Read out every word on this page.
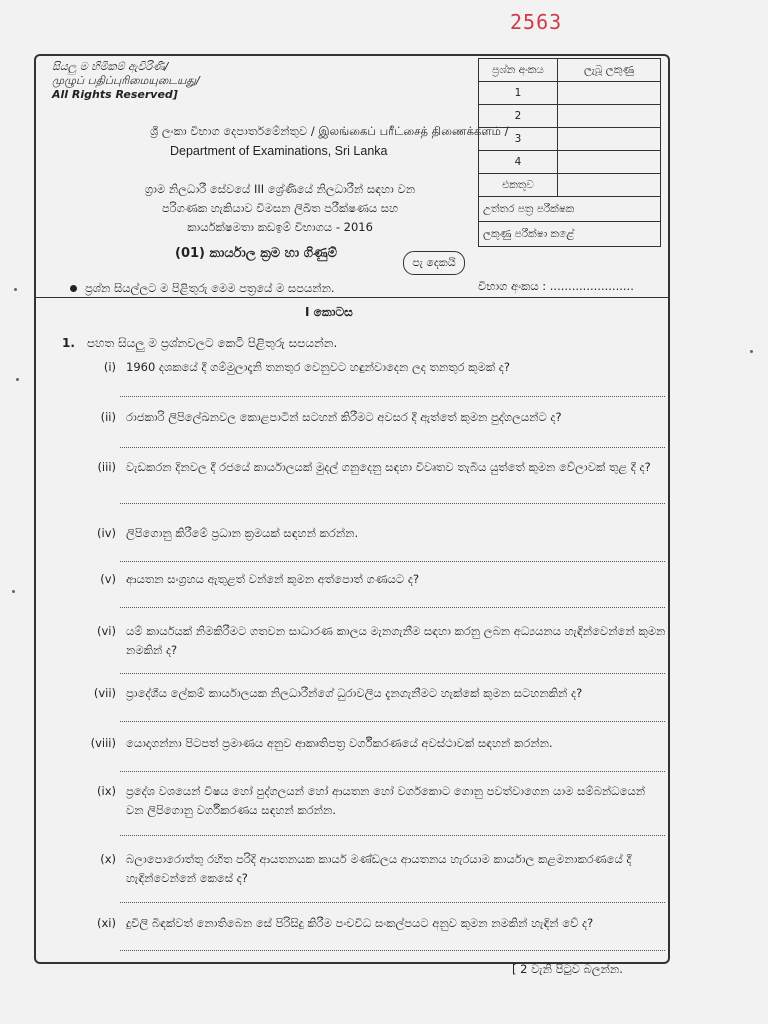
2563
සියලු ම හිමිකම් ඇවිරිණි/
முழுப் பதிப்புரிமையுடையது/
All Rights Reserved]
ශ්‍රී ලංකා විභාග දෙපාර්තමේන්තුව / இலங்கைப் பரீட்சைத் திணைக்களம் /
Department of Examinations, Sri Lanka
ග්‍රාම නිලධාරී සේවයේ III ශ්‍රේණියේ නිලධාරීන් සඳහා වන
පරිගණක හැකියාව විමසන ලිඛිත පරීක්ෂණය සහ
කාර්යක්ෂමතා කඩඉම් විභාගය - 2016
(01) කාර්යාල ක්‍රම හා ගිණුම්
පැ දෙකයි
ප්‍රශ්න සියල්ලට ම පිළිතුරු මෙම පත්‍රයේ ම සපයන්න.	විභාග අංකය : .......................
ප්‍රශ්න අංකය	ලැබූ ලකුණු
1	
2	
3	
4	
එකතුව	
උත්තර පත්‍ර පරීක්ෂක	
ලකුණු පරීක්ෂා කළේ	
I කොටස
1. පහත සියලු ම ප්‍රශ්නවලට කෙටි පිළිතුරු සපයන්න.
(i) 1960 දශකයේ දී ගම්මුලාදෑනි තනතුර වෙනුවට හඳුන්වාදෙන ලද තනතුර කුමක් ද?
(ii) රාජකාරි ලිපිලේඛනවල කොළපාටින් සටහන් කිරීමට අවසර දී ඇත්තේ කුමන පුද්ගලයන්ට ද?
(iii) වැඩකරන දිනවල දී රජයේ කාර්යාලයක් මුදල් ගනුදෙනු සඳහා විවෘතව තැබිය යුත්තේ කුමන වේලාවක් තුළ දී ද?
(iv) ලිපිගොනු කිරීමේ ප්‍රධාන ක්‍රමයක් සඳහන් කරන්න.
(v) ආයතන සංග්‍රහය ඇතුළත් වන්නේ කුමන අත්පොත් ගණයට ද?
(vi) යම් කාර්යයක් නිමකිරීමට ගතවන සාධාරණ කාලය මැනගැනීම සඳහා කරනු ලබන අධ්‍යයනය හැඳින්වෙන්නේ කුමන නමකින් ද?
(vii) ප්‍රාදේශීය ලේකම් කාර්යාලයක නිලධාරීන්ගේ ධුරාවලිය දැනගැනීමට හැක්කේ කුමන සටහනකින් ද?
(viii) යොදාගන්නා පිටපත් ප්‍රමාණය අනුව ආකෘතිපත්‍ර වර්ගීකරණයේ අවස්ථාවක් සඳහන් කරන්න.
(ix) ප්‍රදේශ වශයෙන් විෂය හෝ පුද්ගලයන් හෝ ආයතන හෝ වර්ගකොට ගොනු පවත්වාගෙන යාම සම්බන්ධයෙන් වන ලිපිගොනු වර්ගීකරණය සඳහන් කරන්න.
(x) බලාපොරොත්තු රහිත පරිදි ආයතනයක කාර්ය මණ්ඩලය ආයතනය හැරයාම කාර්යාල කළමනාකරණයේ දී හැඳින්වෙන්නේ කෙසේ ද?
(xi) දුවිලි බිඳක්වත් නොතිබෙන සේ පිරිසිදු කිරීම පංචවිධ සංකල්පයට අනුව කුමන නමකින් හැඳින් වේ ද?
[ 2 වැනි පිටුව බලන්න.
